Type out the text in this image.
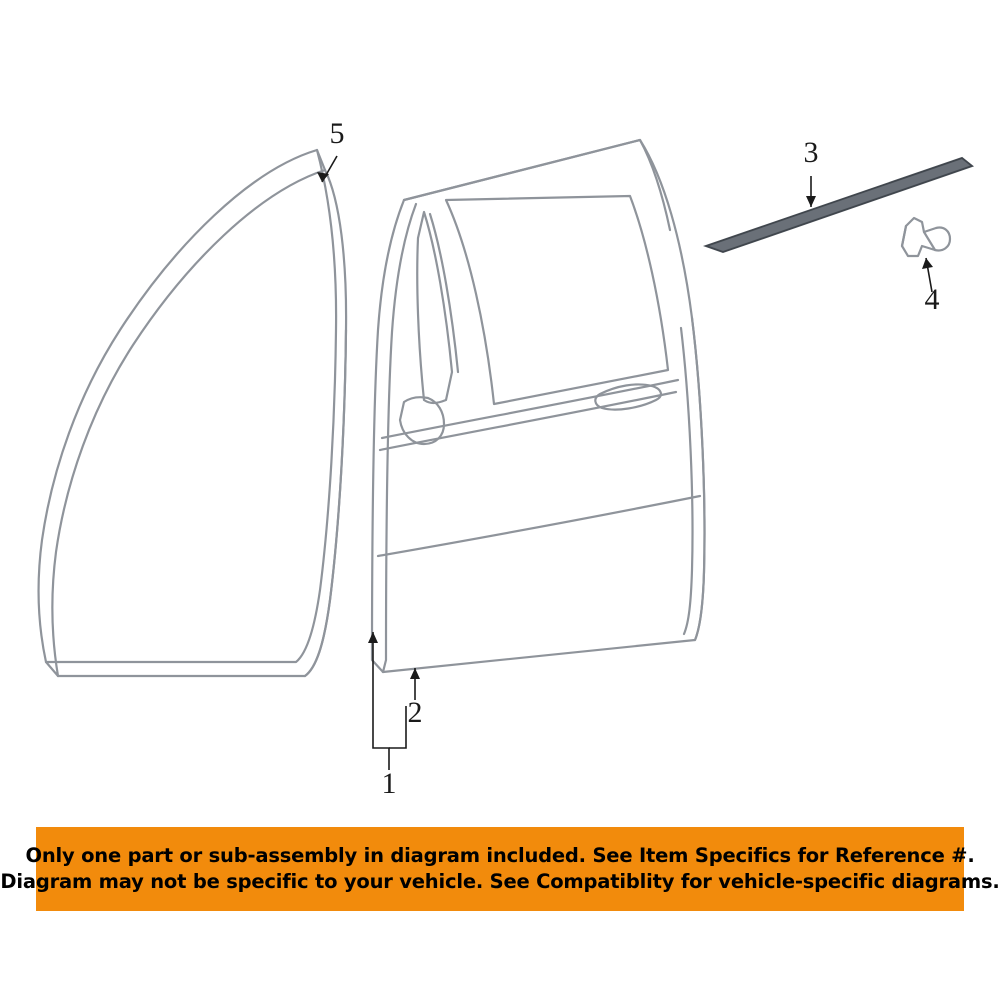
5
3
4
2
1
Only one part or sub-assembly in diagram included. See Item Specifics for Reference #.
Diagram may not be specific to your vehicle. See Compatiblity for vehicle-specific diagrams.
